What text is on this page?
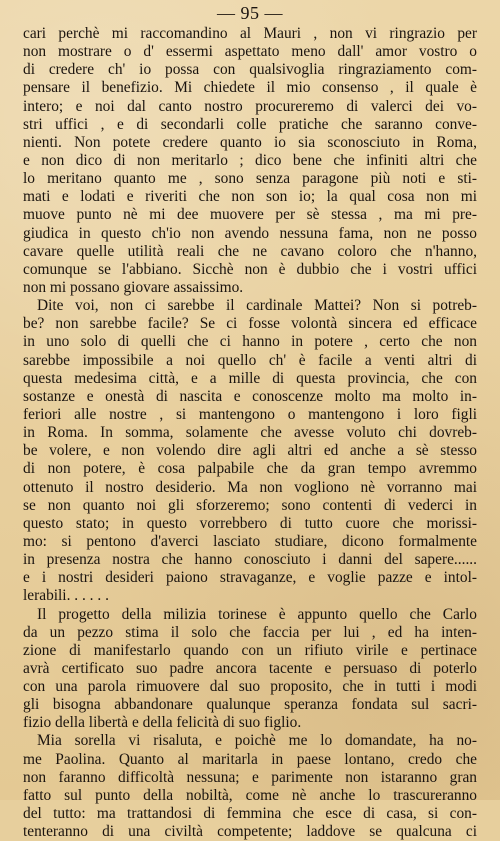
— 95 —
cari perchè mi raccomandino al Mauri , non vi ringrazio per
non mostrare o d' essermi aspettato meno dall' amor vostro o
di credere ch' io possa con qualsivoglia ringraziamento com-
pensare il benefizio. Mi chiedete il mio consenso , il quale è
intero; e noi dal canto nostro procureremo di valerci dei vo-
stri uffici , e di secondarli colle pratiche che saranno conve-
nienti. Non potete credere quanto io sia sconosciuto in Roma,
e non dico di non meritarlo ; dico bene che infiniti altri che
lo meritano quanto me , sono senza paragone più noti e sti-
mati e lodati e riveriti che non son io; la qual cosa non mi
muove punto nè mi dee muovere per sè stessa , ma mi pre-
giudica in questo ch'io non avendo nessuna fama, non ne posso
cavare quelle utilità reali che ne cavano coloro che n'hanno,
comunque se l'abbiano. Sicchè non è dubbio che i vostri uffici
non mi possano giovare assaissimo.
Dite voi, non ci sarebbe il cardinale Mattei? Non si potreb-
be? non sarebbe facile? Se ci fosse volontà sincera ed efficace
in uno solo di quelli che ci hanno in potere , certo che non
sarebbe impossibile a noi quello ch' è facile a venti altri di
questa medesima città, e a mille di questa provincia, che con
sostanze e onestà di nascita e conoscenze molto ma molto in-
feriori alle nostre , si mantengono o mantengono i loro figli
in Roma. In somma, solamente che avesse voluto chi dovreb-
be volere, e non volendo dire agli altri ed anche a sè stesso
di non potere, è cosa palpabile che da gran tempo avremmo
ottenuto il nostro desiderio. Ma non vogliono nè vorranno mai
se non quanto noi gli sforzeremo; sono contenti di vederci in
questo stato; in questo vorrebbero di tutto cuore che morissi-
mo: si pentono d'averci lasciato studiare, dicono formalmente
in presenza nostra che hanno conosciuto i danni del sapere......
e i nostri desideri paiono stravaganze, e voglie pazze e intol-
lerabili. . . . . .
Il progetto della milizia torinese è appunto quello che Carlo
da un pezzo stima il solo che faccia per lui , ed ha inten-
zione di manifestarlo quando con un rifiuto virile e pertinace
avrà certificato suo padre ancora tacente e persuaso di poterlo
con una parola rimuovere dal suo proposito, che in tutti i modi
gli bisogna abbandonare qualunque speranza fondata sul sacri-
fizio della libertà e della felicità di suo figlio.
Mia sorella vi risaluta, e poichè me lo domandate, ha no-
me Paolina. Quanto al maritarla in paese lontano, credo che
non faranno difficoltà nessuna; e parimente non istaranno gran
fatto sul punto della nobiltà, come nè anche lo trascureranno
del tutto: ma trattandosi di femmina che esce di casa, si con-
tenteranno di una civiltà competente; laddove se qualcuna ci
